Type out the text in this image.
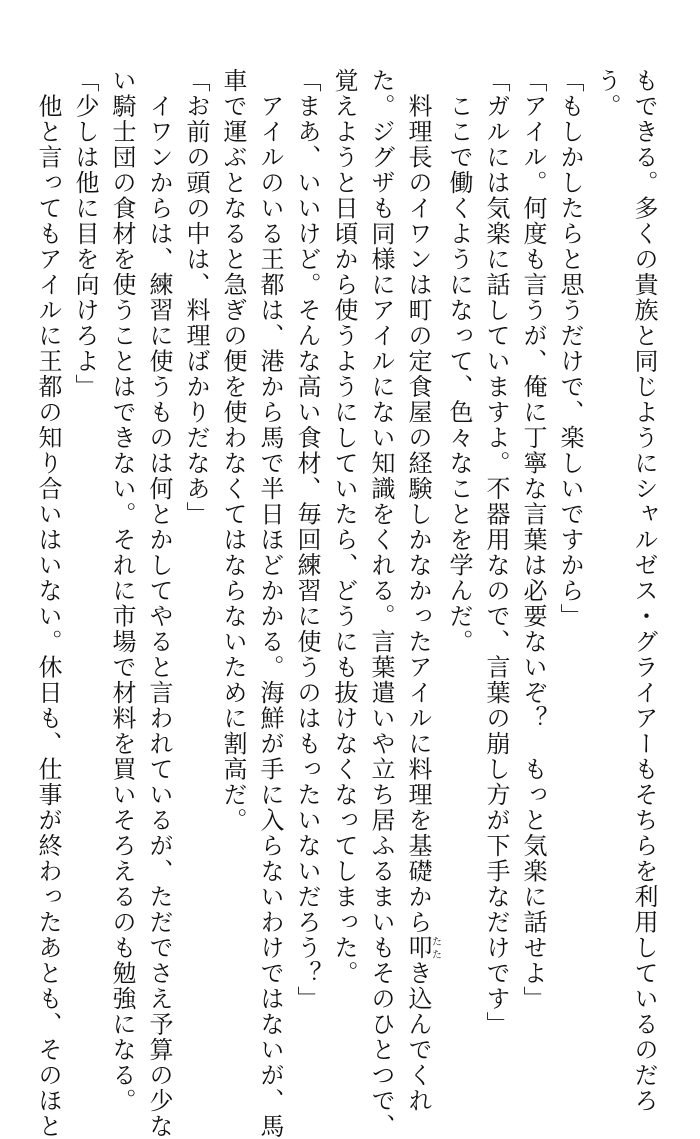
もできる。多くの貴族と同じようにシャルゼス・グライアーもそちらを利用しているのだろ
う。
「もしかしたらと思うだけで、楽しいですから」
「アイル。何度も言うが、俺に丁寧な言葉は必要ないぞ？　もっと気楽に話せよ」
「ガルには気楽に話していますよ。不器用なので、言葉の崩し方が下手なだけです」
　ここで働くようになって、色々なことを学んだ。
　料理長のイワンは町の定食屋の経験しかなかったアイルに料理を基礎から叩たたき込んでくれ
た。ジグザも同様にアイルにない知識をくれる。言葉遣いや立ち居ふるまいもそのひとつで、
覚えようと日頃から使うようにしていたら、どうにも抜けなくなってしまった。
「まあ、いいけど。そんな高い食材、毎回練習に使うのはもったいないだろう？」
　アイルのいる王都は、港から馬で半日ほどかかる。海鮮が手に入らないわけではないが、馬
車で運ぶとなると急ぎの便を使わなくてはならないために割高だ。
「お前の頭の中は、料理ばかりだなあ」
　イワンからは、練習に使うものは何とかしてやると言われているが、ただでさえ予算の少な
い騎士団の食材を使うことはできない。それに市場で材料を買いそろえるのも勉強になる。
「少しは他に目を向けろよ」
　他と言ってもアイルに王都の知り合いはいない。休日も、仕事が終わったあとも、そのほと
